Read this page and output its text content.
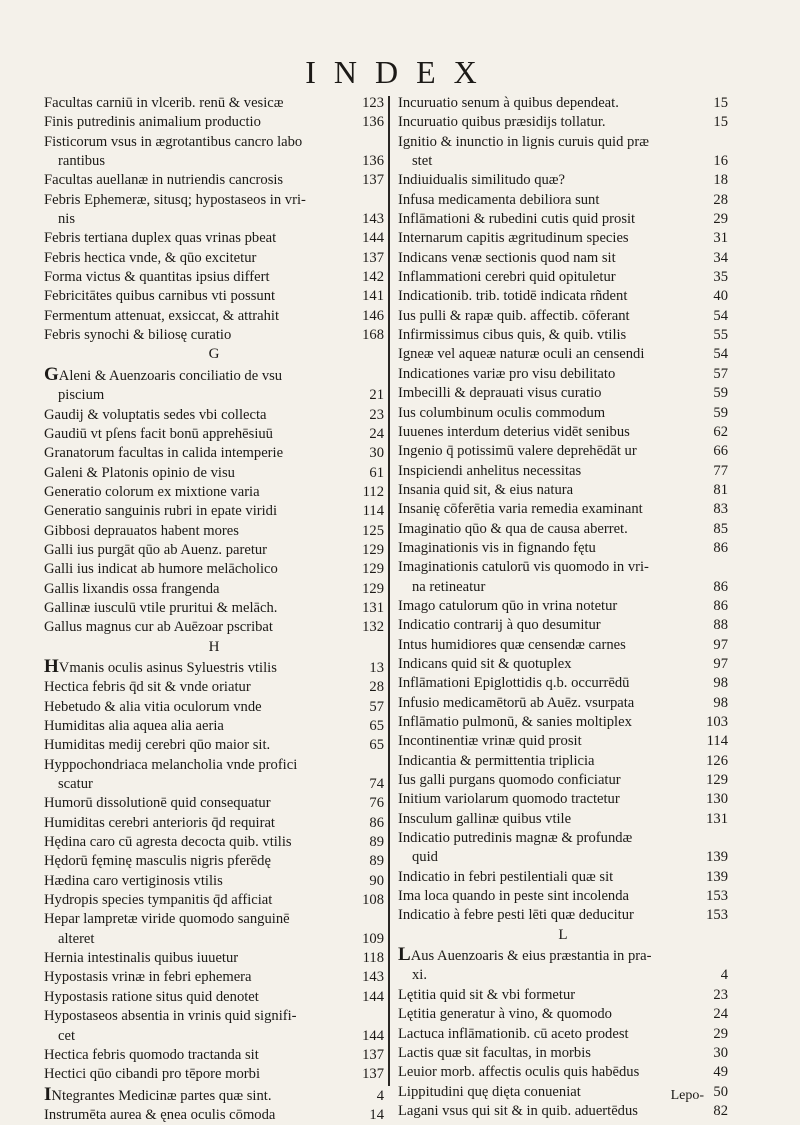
INDEX
Facultas carniū in vlcerib. renū & vesicæ	123
Finis putredinis animalium productio	136
Fisticorum vsus in ægrotantibus cancro labo
rantibus	136
Facultas auellanæ in nutriendis cancrosis	137
Febris Ephemeræ, situsq; hypostaseos in vri-
nis	143
Febris tertiana duplex quas vrinas pbeat	144
Febris hectica vnde, & qūo excitetur	137
Forma victus & quantitas ipsius differt	142
Febricitātes quibus carnibus vti possunt	141
Fermentum attenuat, exsiccat, & attrahit	146
Febris synochi & biliosę curatio	168
G
GAleni & Auenzoaris conciliatio de vsu
piscium	21
Gaudij & voluptatis sedes vbi collecta	23
Gaudiū vt pſens facit bonū apprehēsiuū	24
Granatorum facultas in calida intemperie	30
Galeni & Platonis opinio de visu	61
Generatio colorum ex mixtione varia	112
Generatio sanguinis rubri in epate viridi	114
Gibbosi deprauatos habent mores	125
Galli ius purgāt qūo ab Auenz. paretur	129
Galli ius indicat ab humore melācholico	129
Gallis lixandis ossa frangenda	129
Gallinæ iusculū vtile pruritui & melāch.	131
Gallus magnus cur ab Auēzoar pscribat	132
H
HVmanis oculis asinus Syluestris vtilis	13
Hectica febris q̄d sit & vnde oriatur	28
Hebetudo & alia vitia oculorum vnde	57
Humiditas alia aquea alia aeria	65
Humiditas medij cerebri qūo maior sit.	65
Hyppochondriaca melancholia vnde profici
scatur	74
Humorū dissolutionē quid consequatur	76
Humiditas cerebri anterioris q̄d requirat	86
Hędina caro cū agresta decocta quib. vtilis	89
Hędorū fęminę masculis nigris pferēdę	89
Hædina caro vertiginosis vtilis	90
Hydropis species tympanitis q̄d afficiat	108
Hepar lampretæ viride quomodo sanguinē
alteret	109
Hernia intestinalis quibus iuuetur	118
Hypostasis vrinæ in febri ephemera	143
Hypostasis ratione situs quid denotet	144
Hypostaseos absentia in vrinis quid signifi-
cet	144
Hectica febris quomodo tractanda sit	137
Hectici qūo cibandi pro tēpore morbi	137
INtegrantes Medicinæ partes quæ sint.	4
Instrumēta aurea & ęnea oculis cōmoda	14
Incuruatio senum à quibus dependeat.	15
Incuruatio quibus præsidijs tollatur.	15
Ignitio & inunctio in lignis curuis quid præ
stet	16
Indiuidualis similitudo quæ?	18
Infusa medicamenta debiliora sunt	28
Inflāmationi & rubedini cutis quid prosit	29
Internarum capitis ægritudinum species	31
Indicans venæ sectionis quod nam sit	34
Inflammationi cerebri quid opituletur	35
Indicationib. trib. totidē indicata rñdent	40
Ius pulli & rapæ quib. affectib. cōferant	54
Infirmissimus cibus quis, & quib. vtilis	55
Igneæ vel aqueæ naturæ oculi an censendi	54
Indicationes variæ pro visu debilitato	57
Imbecilli & deprauati visus curatio	59
Ius columbinum oculis commodum	59
Iuuenes interdum deterius vidēt senibus	62
Ingenio q̄ potissimū valere deprehēdāt ur	66
Inspiciendi anhelitus necessitas	77
Insania quid sit, & eius natura	81
Insanię cōferētia varia remedia examinant	83
Imaginatio qūo & qua de causa aberret.	85
Imaginationis vis in fignando fętu	86
Imaginationis catulorū vis quomodo in vri-
na retineatur	86
Imago catulorum qūo in vrina notetur	86
Indicatio contrarij à quo desumitur	88
Intus humidiores quæ censendæ carnes	97
Indicans quid sit & quotuplex	97
Inflāmationi Epiglottidis q.b. occurrēdū	98
Infusio medicamētorū ab Auēz. vsurpata	98
Inflāmatio pulmonū, & sanies moltiplex	103
Incontinentiæ vrinæ quid prosit	114
Indicantia & permittentia triplicia	126
Ius galli purgans quomodo conficiatur	129
Initium variolarum quomodo tractetur	130
Insculum gallinæ quibus vtile	131
Indicatio putredinis magnæ & profundæ
quid	139
Indicatio in febri pestilentiali quæ sit	139
Ima loca quando in peste sint incolenda	153
Indicatio à febre pesti lēti quæ deducitur	153
L
LAus Auenzoaris & eius præstantia in pra-
xi.	4
Lętitia quid sit & vbi formetur	23
Lętitia generatur à vino, & quomodo	24
Lactuca inflāmationib. cū aceto prodest	29
Lactis quæ sit facultas, in morbis	30
Leuior morb. affectis oculis quis habēdus	49
Lippitudini quę dięta conueniat	50
Lagani vsus qui sit & in quib. aduertēdus	82
Lepo-
